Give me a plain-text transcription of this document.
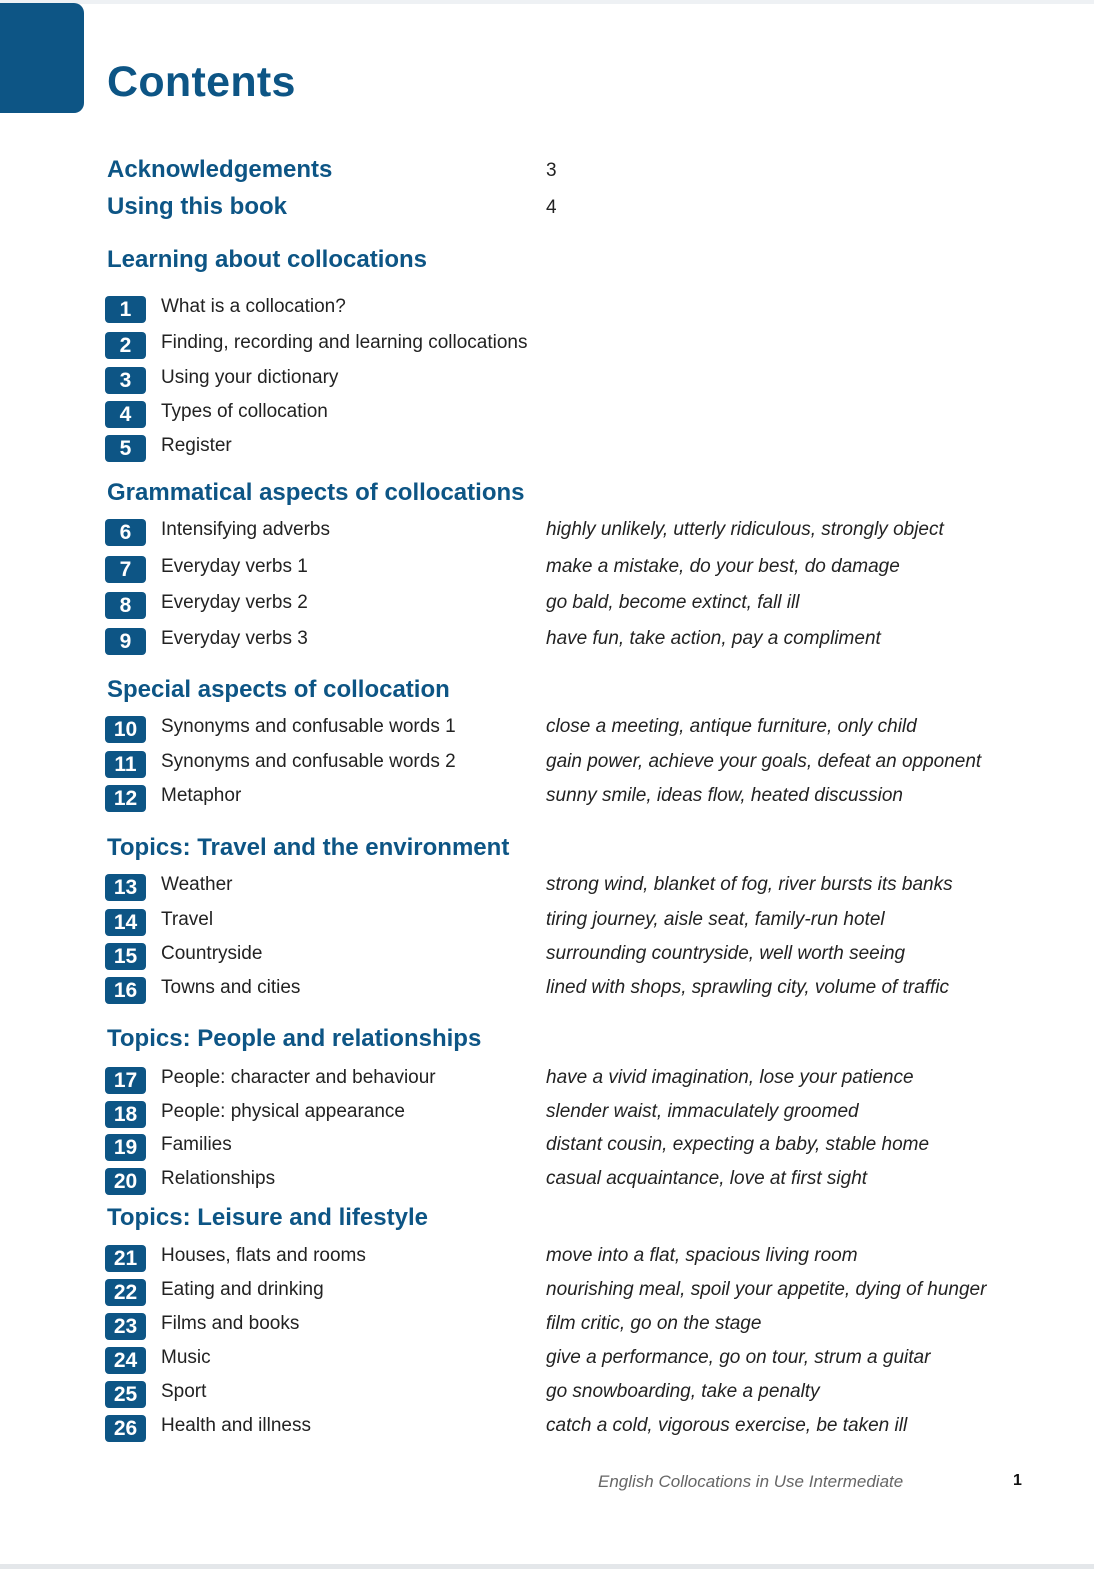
Contents
Acknowledgements	3
Using this book	4
Learning about collocations
1	What is a collocation?
2	Finding, recording and learning collocations
3	Using your dictionary
4	Types of collocation
5	Register
Grammatical aspects of collocations
6	Intensifying adverbs	highly unlikely, utterly ridiculous, strongly object
7	Everyday verbs 1	make a mistake, do your best, do damage
8	Everyday verbs 2	go bald, become extinct, fall ill
9	Everyday verbs 3	have fun, take action, pay a compliment
Special aspects of collocation
10	Synonyms and confusable words 1	close a meeting, antique furniture, only child
11	Synonyms and confusable words 2	gain power, achieve your goals, defeat an opponent
12	Metaphor	sunny smile, ideas flow, heated discussion
Topics: Travel and the environment
13	Weather	strong wind, blanket of fog, river bursts its banks
14	Travel	tiring journey, aisle seat, family-run hotel
15	Countryside	surrounding countryside, well worth seeing
16	Towns and cities	lined with shops, sprawling city, volume of traffic
Topics: People and relationships
17	People: character and behaviour	have a vivid imagination, lose your patience
18	People: physical appearance	slender waist, immaculately groomed
19	Families	distant cousin, expecting a baby, stable home
20	Relationships	casual acquaintance, love at first sight
Topics: Leisure and lifestyle
21	Houses, flats and rooms	move into a flat, spacious living room
22	Eating and drinking	nourishing meal, spoil your appetite, dying of hunger
23	Films and books	film critic, go on the stage
24	Music	give a performance, go on tour, strum a guitar
25	Sport	go snowboarding, take a penalty
26	Health and illness	catch a cold, vigorous exercise, be taken ill
English Collocations in Use Intermediate	1
